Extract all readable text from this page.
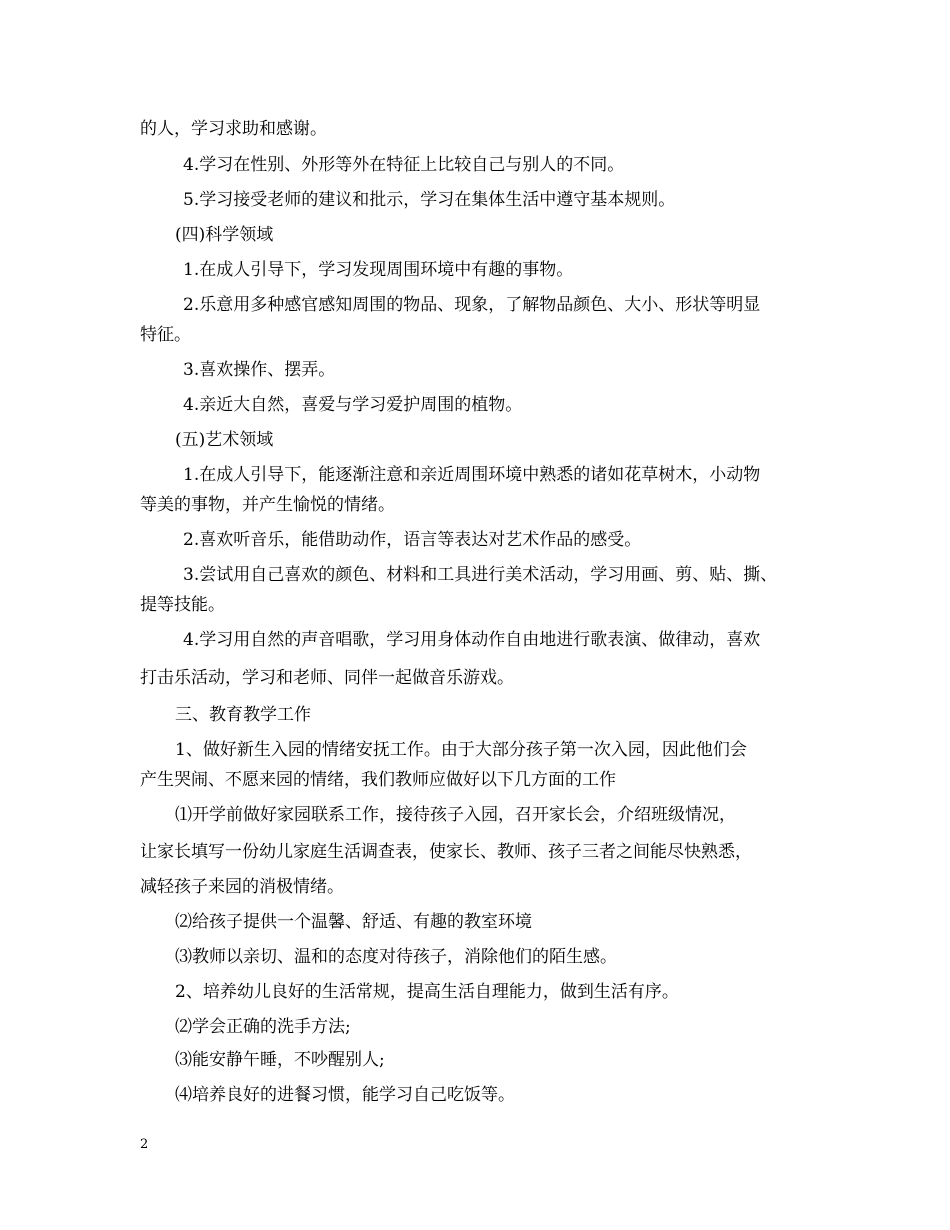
的人，学习求助和感谢。
4.学习在性别、外形等外在特征上比较自己与别人的不同。
5.学习接受老师的建议和批示，学习在集体生活中遵守基本规则。
(四)科学领域
1.在成人引导下，学习发现周围环境中有趣的事物。
2.乐意用多种感官感知周围的物品、现象，了解物品颜色、大小、形状等明显
特征。
3.喜欢操作、摆弄。
4.亲近大自然，喜爱与学习爱护周围的植物。
(五)艺术领域
1.在成人引导下，能逐渐注意和亲近周围环境中熟悉的诸如花草树木，小动物
等美的事物，并产生愉悦的情绪。
2.喜欢听音乐，能借助动作，语言等表达对艺术作品的感受。
3.尝试用自己喜欢的颜色、材料和工具进行美术活动，学习用画、剪、贴、撕、
提等技能。
4.学习用自然的声音唱歌，学习用身体动作自由地进行歌表演、做律动，喜欢
打击乐活动，学习和老师、同伴一起做音乐游戏。
三、教育教学工作
1、做好新生入园的情绪安抚工作。由于大部分孩子第一次入园，因此他们会
产生哭闹、不愿来园的情绪，我们教师应做好以下几方面的工作
⑴开学前做好家园联系工作，接待孩子入园，召开家长会，介绍班级情况，
让家长填写一份幼儿家庭生活调查表，使家长、教师、孩子三者之间能尽快熟悉，
减轻孩子来园的消极情绪。
⑵给孩子提供一个温馨、舒适、有趣的教室环境
⑶教师以亲切、温和的态度对待孩子，消除他们的陌生感。
2、培养幼儿良好的生活常规，提高生活自理能力，做到生活有序。
⑵学会正确的洗手方法;
⑶能安静午睡，不吵醒别人;
⑷培养良好的进餐习惯，能学习自己吃饭等。
2
